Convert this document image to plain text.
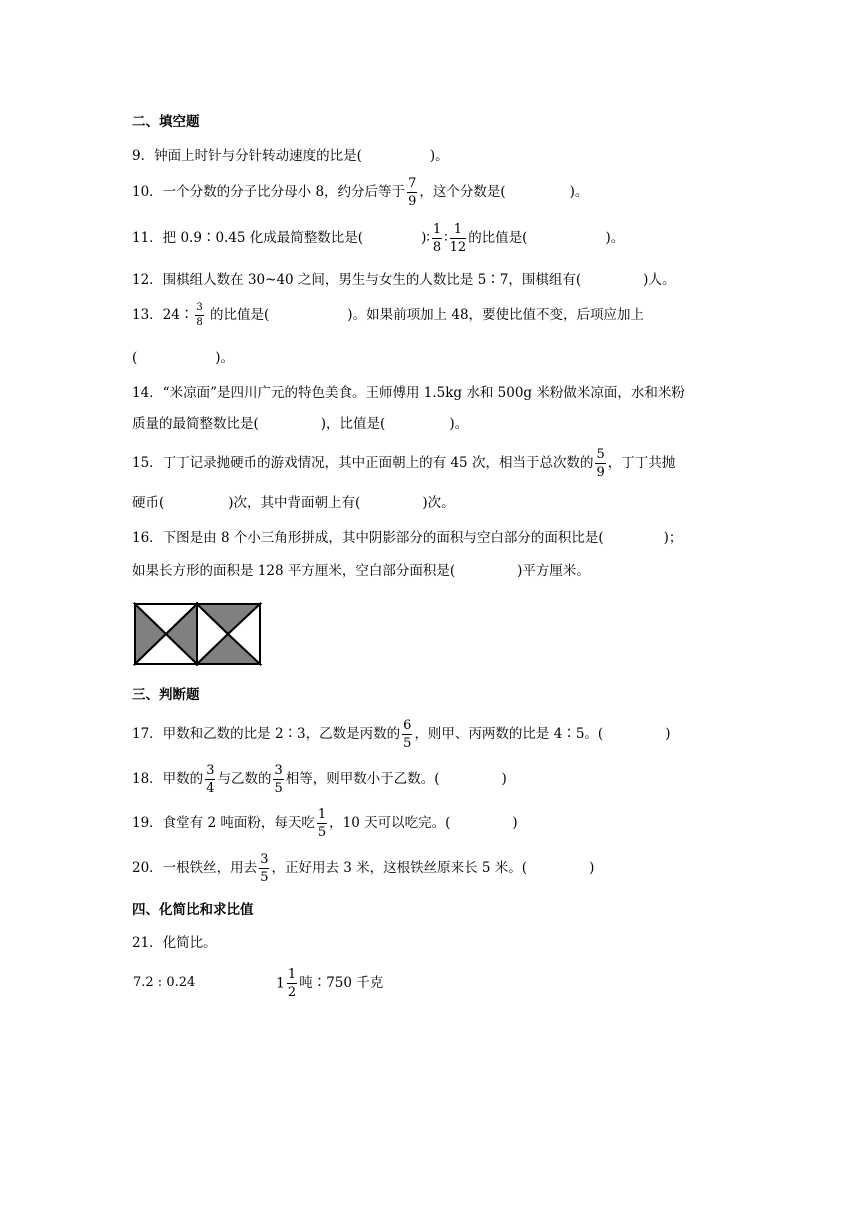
二、填空题
9．钟面上时针与分针转动速度的比是(	)。
10．一个分数的分子比分母小 8，约分后等于 $\frac{7}{9}$ ，这个分数是(	)。
11．把 0.9∶0.45 化成最简整数比是(	)∶ $\frac{1}{8}$ ∶ $\frac{1}{12}$ 的比值是(	)。
12．围棋组人数在 30~40 之间，男生与女生的人数比是 5∶7，围棋组有(	)人。
13．24∶ $\frac{3}{8}$ 的比值是(	)。如果前项加上 48，要使比值不变，后项应加上
(	)。
14．“米凉面”是四川广元的特色美食。王师傅用 1.5kg 水和 500g 米粉做米凉面，水和米粉
质量的最简整数比是(	)，比值是(	)。
15．丁丁记录抛硬币的游戏情况，其中正面朝上的有 45 次，相当于总次数的 $\frac{5}{9}$ ，丁丁共抛
硬币(	)次，其中背面朝上有(	)次。
16．下图是由 8 个小三角形拼成，其中阴影部分的面积与空白部分的面积比是(	)；
如果长方形的面积是 128 平方厘米，空白部分面积是(	)平方厘米。
三、判断题
17．甲数和乙数的比是 2∶3，乙数是丙数的 $\frac{6}{5}$ ，则甲、丙两数的比是 4∶5。(	)
18．甲数的 $\frac{3}{4}$ 与乙数的 $\frac{3}{5}$ 相等，则甲数小于乙数。(	)
19．食堂有 2 吨面粉，每天吃 $\frac{1}{5}$ ，10 天可以吃完。(	)
20．一根铁丝，用去 $\frac{3}{5}$ ，正好用去 3 米，这根铁丝原来长 5 米。(	)
四、化简比和求比值
21．化简比。
7.2 : 0.24	$1 \frac{1}{2}$ 吨∶750 千克
